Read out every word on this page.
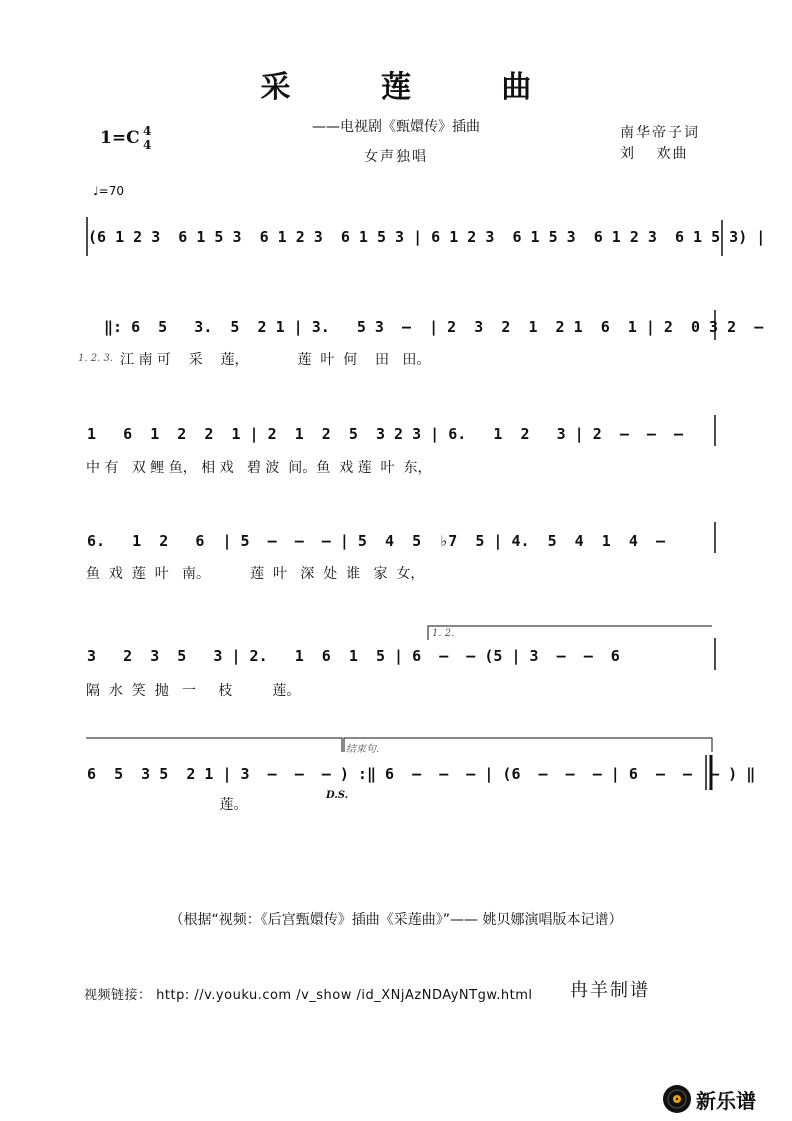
采 莲 曲
——电视剧《甄嬛传》插曲
女声独唱
南华帝子词
刘 欢曲
1=C 4
4
♩=70
(6 1 2 3  6 1 5 3  6 1 2 3  6 1 5 3 | 6 1 2 3  6 1 5 3  6 1 2 3  6 1 5 3) |
‖: 6  5   3.  5  2 1 | 3.   5 3  –  | 2  3  2  1  2 1  6  1 | 2  0 3 2  –
1. 2. 3. 江 南 可    采    莲，           莲  叶  何    田   田。
1   6  1  2  2  1 | 2  1  2  5  3 2 3 | 6.   1  2   3 | 2  –  –  –
中 有   双 鲤 鱼， 相 戏   碧 波  间。鱼  戏 莲  叶  东，
6.   1  2   6  | 5  –  –  – | 5  4  5  ♭7  5 | 4.  5  4  1  4  –
鱼  戏  莲  叶   南。         莲  叶   深  处  谁   家  女，
1. 2.
3   2  3  5   3 | 2.   1  6  1  5 | 6  –  – (5 | 3  –  –  6
隔  水  笑  抛   一     枝         莲。
结束句.
6  5  3 5  2 1 | 3  –  –  – ) :‖ 6  –  –  – | (6  –  –  – | 6  –  –  – ) ‖
D.S.
莲。
（根据“视频：《后宫甄嬛传》插曲《采莲曲》”—— 姚贝娜演唱版本记谱）
视频链接： http: //v.youku.com /v_show /id_XNjAzNDAyNTgw.html 冉羊制谱
新乐谱
